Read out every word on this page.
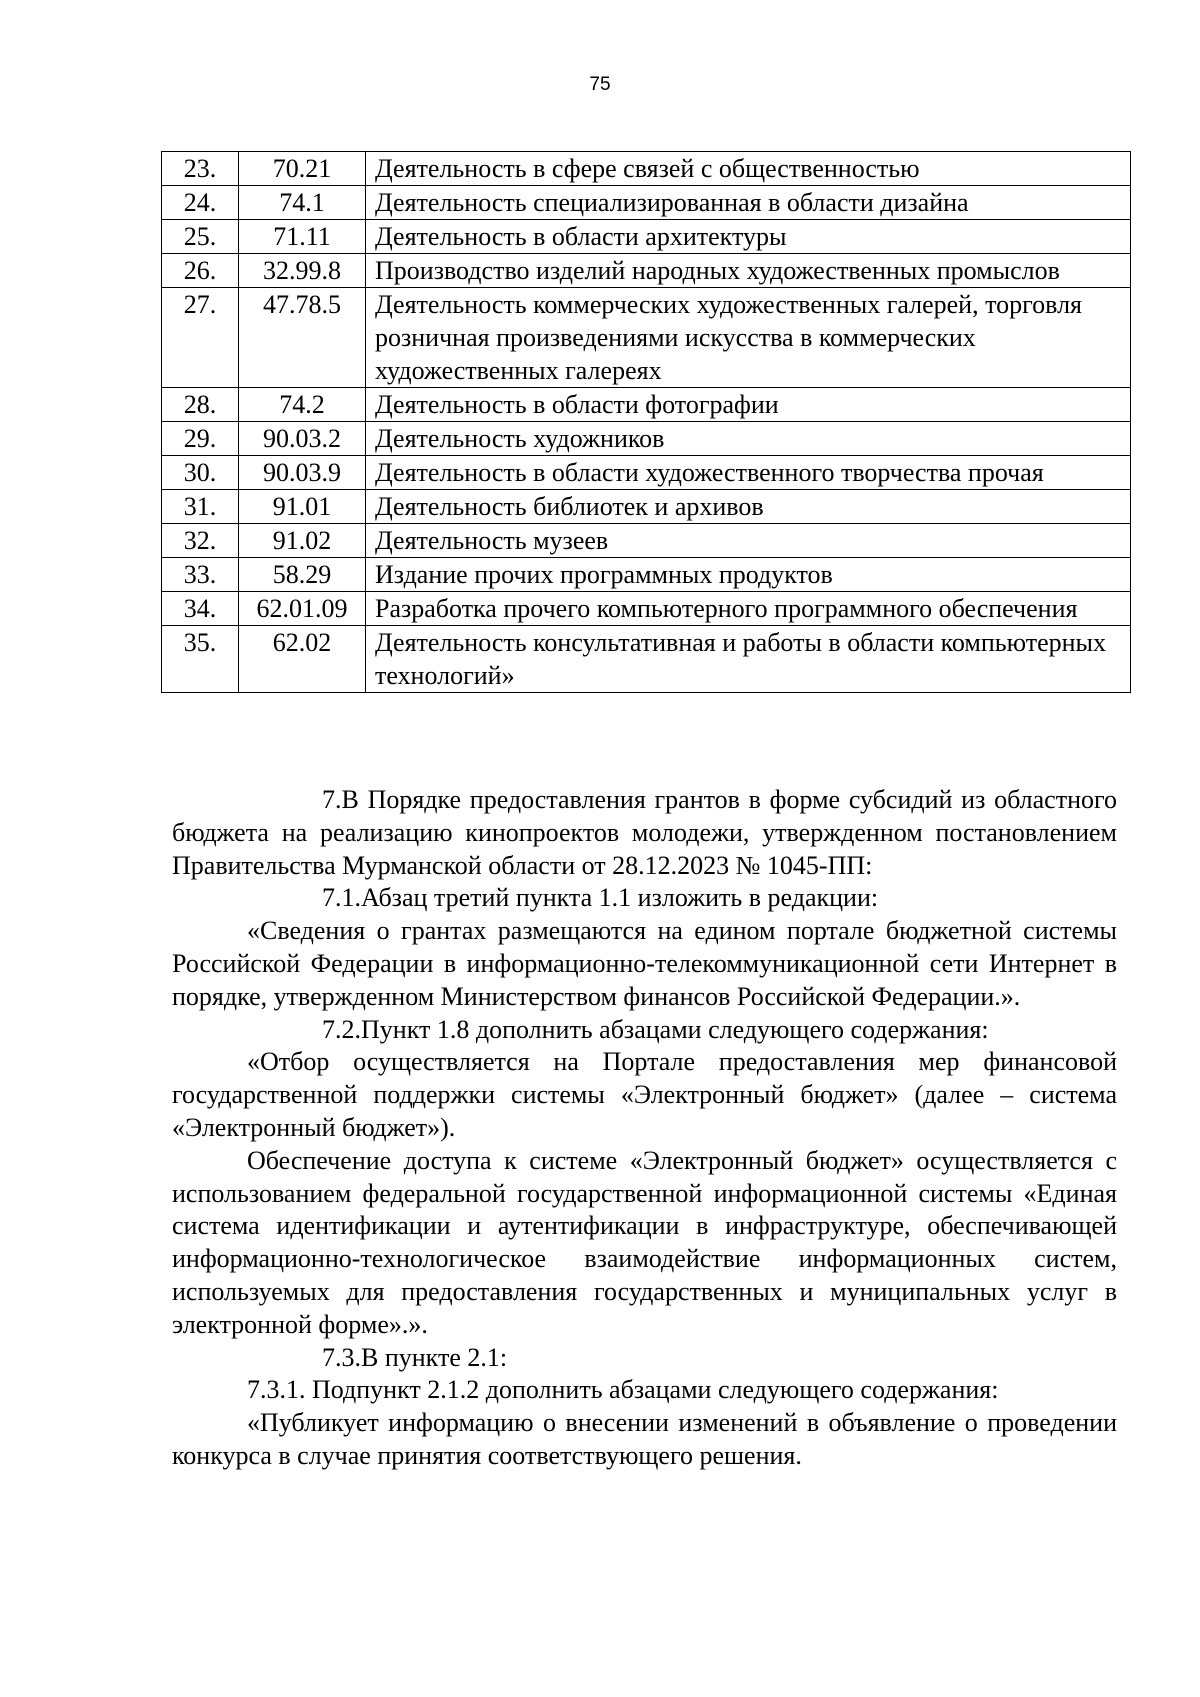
75
23.	70.21	Деятельность в сфере связей с общественностью
24.	74.1	Деятельность специализированная в области дизайна
25.	71.11	Деятельность в области архитектуры
26.	32.99.8	Производство изделий народных художественных промыслов
27.	47.78.5	Деятельность коммерческих художественных галерей, торговля розничная произведениями искусства в коммерческих художественных галереях
28.	74.2	Деятельность в области фотографии
29.	90.03.2	Деятельность художников
30.	90.03.9	Деятельность в области художественного творчества прочая
31.	91.01	Деятельность библиотек и архивов
32.	91.02	Деятельность музеев
33.	58.29	Издание прочих программных продуктов
34.	62.01.09	Разработка прочего компьютерного программного обеспечения
35.	62.02	Деятельность консультативная и работы в области компьютерных технологий»

7.В Порядке предоставления грантов в форме субсидий из областного бюджета на реализацию кинопроектов молодежи, утвержденном постановлением Правительства Мурманской области от 28.12.2023 № 1045-ПП:

7.1.Абзац третий пункта 1.1 изложить в редакции:

«Сведения о грантах размещаются на едином портале бюджетной системы Российской Федерации в информационно-телекоммуникационной сети Интернет в порядке, утвержденном Министерством финансов Российской Федерации.».

7.2.Пункт 1.8 дополнить абзацами следующего содержания:

«Отбор осуществляется на Портале предоставления мер финансовой государственной поддержки системы «Электронный бюджет» (далее – система «Электронный бюджет»).

Обеспечение доступа к системе «Электронный бюджет» осуществляется с использованием федеральной государственной информационной системы «Единая система идентификации и аутентификации в инфраструктуре, обеспечивающей информационно-технологическое взаимодействие информационных систем, используемых для предоставления государственных и муниципальных услуг в электронной форме».».

7.3.В пункте 2.1:

7.3.1. Подпункт 2.1.2 дополнить абзацами следующего содержания:

«Публикует информацию о внесении изменений в объявление о проведении конкурса в случае принятия соответствующего решения.
